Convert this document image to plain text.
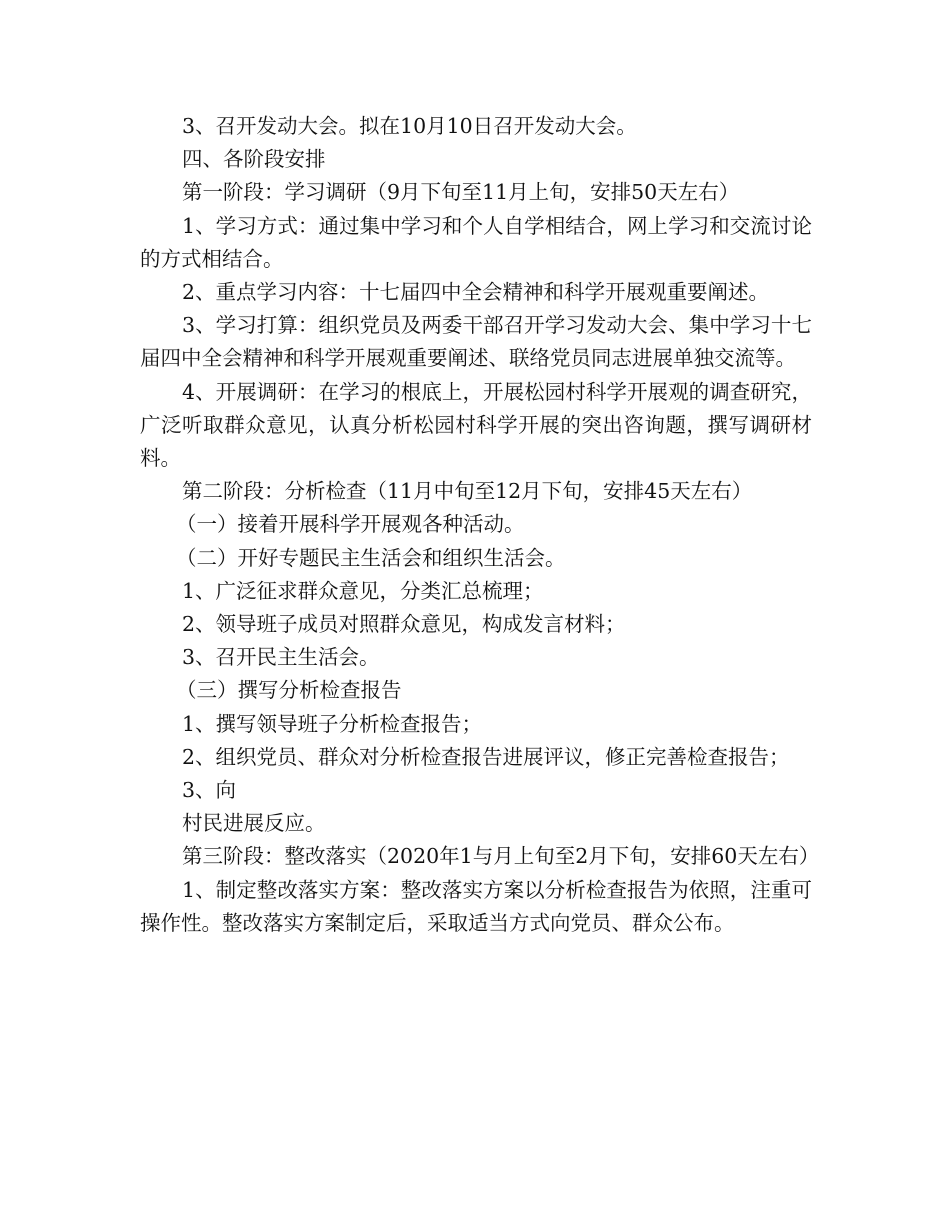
3、召开发动大会。拟在10月10日召开发动大会。

四、各阶段安排

第一阶段：学习调研（9月下旬至11月上旬，安排50天左右）

1、学习方式：通过集中学习和个人自学相结合，网上学习和交流讨论的方式相结合。

2、重点学习内容：十七届四中全会精神和科学开展观重要阐述。

3、学习打算：组织党员及两委干部召开学习发动大会、集中学习十七届四中全会精神和科学开展观重要阐述、联络党员同志进展单独交流等。

4、开展调研：在学习的根底上，开展松园村科学开展观的调查研究，广泛听取群众意见，认真分析松园村科学开展的突出咨询题，撰写调研材料。

第二阶段：分析检查（11月中旬至12月下旬，安排45天左右）

（一）接着开展科学开展观各种活动。

（二）开好专题民主生活会和组织生活会。

1、广泛征求群众意见，分类汇总梳理；

2、领导班子成员对照群众意见，构成发言材料；

3、召开民主生活会。

（三）撰写分析检查报告

1、撰写领导班子分析检查报告；

2、组织党员、群众对分析检查报告进展评议，修正完善检查报告；

3、向

村民进展反应。

第三阶段：整改落实（2020年1与月上旬至2月下旬，安排60天左右）

1、制定整改落实方案：整改落实方案以分析检查报告为依照，注重可操作性。整改落实方案制定后，采取适当方式向党员、群众公布。
